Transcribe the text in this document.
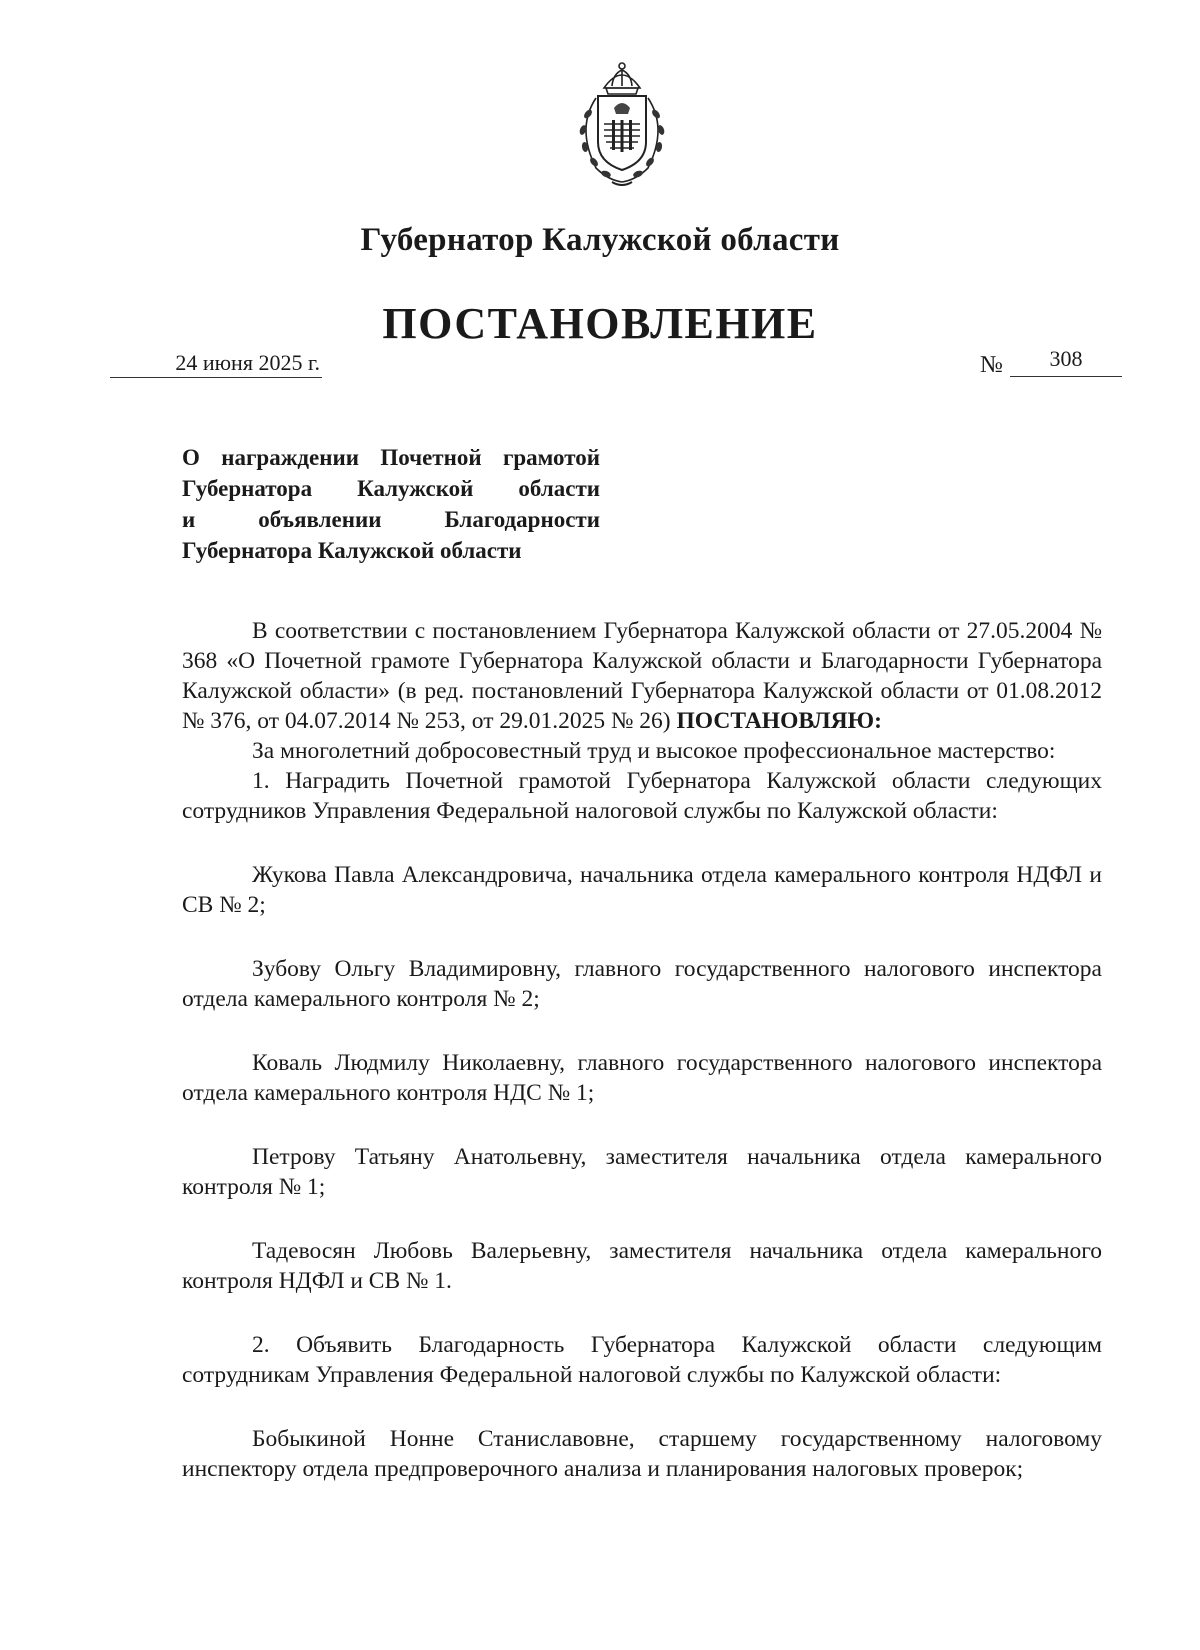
Губернатор Калужской области
ПОСТАНОВЛЕНИЕ
24 июня 2025 г.	№	308
О награждении Почетной грамотой
Губернатора Калужской области
и объявлении Благодарности
Губернатора Калужской области

В соответствии с постановлением Губернатора Калужской области от 27.05.2004 № 368 «О Почетной грамоте Губернатора Калужской области и Благодарности Губернатора Калужской области» (в ред. постановлений Губернатора Калужской области от 01.08.2012 № 376, от 04.07.2014 № 253, от 29.01.2025 № 26) ПОСТАНОВЛЯЮ:

За многолетний добросовестный труд и высокое профессиональное мастерство:

1. Наградить Почетной грамотой Губернатора Калужской области следующих сотрудников Управления Федеральной налоговой службы по Калужской области:

Жукова Павла Александровича, начальника отдела камерального контроля НДФЛ и СВ № 2;

Зубову Ольгу Владимировну, главного государственного налогового инспектора отдела камерального контроля № 2;

Коваль Людмилу Николаевну, главного государственного налогового инспектора отдела камерального контроля НДС № 1;

Петрову Татьяну Анатольевну, заместителя начальника отдела камерального контроля № 1;

Тадевосян Любовь Валерьевну, заместителя начальника отдела камерального контроля НДФЛ и СВ № 1.

2. Объявить Благодарность Губернатора Калужской области следующим сотрудникам Управления Федеральной налоговой службы по Калужской области:

Бобыкиной Нонне Станиславовне, старшему государственному налоговому инспектору отдела предпроверочного анализа и планирования налоговых проверок;
